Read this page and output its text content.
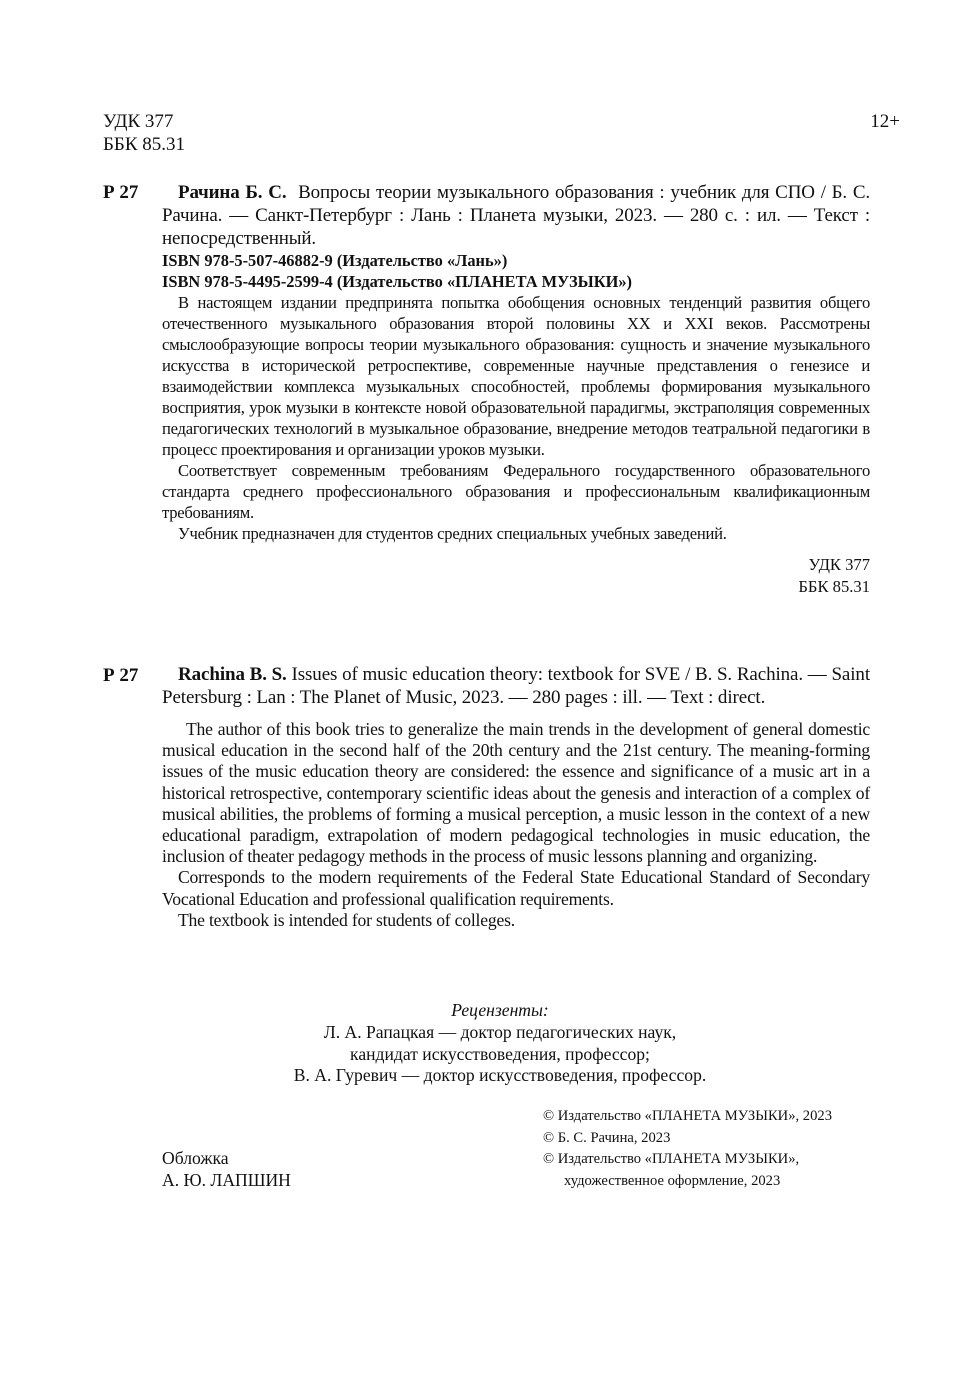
УДК 377
ББК 85.31
12+
Р 27	Рачина Б. С. Вопросы теории музыкального образования : учебник для СПО / Б. С. Рачина. — Санкт-Петербург : Лань : Планета музыки, 2023. — 280 с. : ил. — Текст : непосредственный.

ISBN 978-5-507-46882-9 (Издательство «Лань»)
ISBN 978-5-4495-2599-4 (Издательство «ПЛАНЕТА МУЗЫКИ»)

В настоящем издании предпринята попытка обобщения основных тенденций развития общего отечественного музыкального образования второй половины XX и XXI веков. Рассмотрены смыслообразующие вопросы теории музыкального образования: сущность и значение музыкального искусства в исторической ретроспективе, современные научные представления о генезисе и взаимодействии комплекса музыкальных способностей, проблемы формирования музыкального восприятия, урок музыки в контексте новой образовательной парадигмы, экстраполяция современных педагогических технологий в музыкальное образование, внедрение методов театральной педагогики в процесс проектирования и организации уроков музыки.

Соответствует современным требованиям Федерального государственного образовательного стандарта среднего профессионального образования и профессиональным квалификационным требованиям.

Учебник предназначен для студентов средних специальных учебных заведений.

УДК 377
ББК 85.31
Р 27	Rachina B. S. Issues of music education theory: textbook for SVE / B. S. Rachina. — Saint Petersburg : Lan : The Planet of Music, 2023. — 280 pages : ill. — Text : direct.

The author of this book tries to generalize the main trends in the development of general domestic musical education in the second half of the 20th century and the 21st century. The meaning-forming issues of the music education theory are considered: the essence and significance of a music art in a historical retrospective, contemporary scientific ideas about the genesis and interaction of a complex of musical abilities, the problems of forming a musical perception, a music lesson in the context of a new educational paradigm, extrapolation of modern pedagogical technologies in music education, the inclusion of theater pedagogy methods in the process of music lessons planning and organizing.

Corresponds to the modern requirements of the Federal State Educational Standard of Secondary Vocational Education and professional qualification requirements.

The textbook is intended for students of colleges.

Рецензенты:
Л. А. Рапацкая — доктор педагогических наук,
кандидат искусствоведения, профессор;
В. А. Гуревич — доктор искусствоведения, профессор.
Обложка
А. Ю. ЛАПШИН
© Издательство «ПЛАНЕТА МУЗЫКИ», 2023
© Б. С. Рачина, 2023
© Издательство «ПЛАНЕТА МУЗЫКИ»,
художественное оформление, 2023
